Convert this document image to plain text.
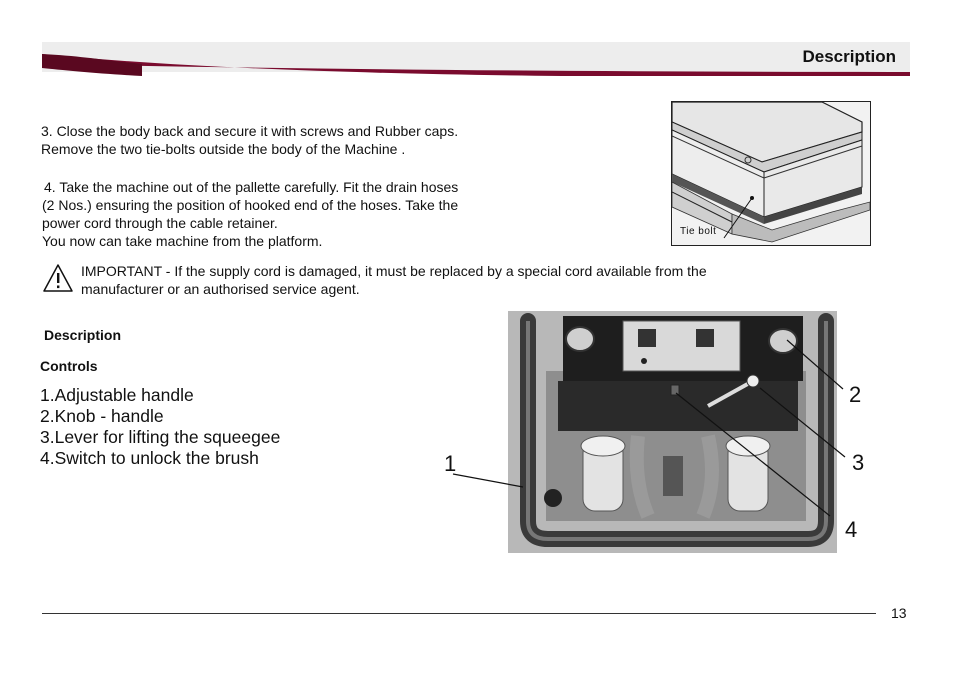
Description
3. Close the body back and secure it with screws and Rubber caps.
Remove the two tie-bolts outside the body of the Machine .
4. Take the machine out of the pallette carefully. Fit the drain hoses
(2 Nos.) ensuring the position of hooked end of the hoses. Take the
power cord through the cable retainer.
You now can take machine from the platform.
Tie bolt
IMPORTANT - If the supply cord is damaged, it must be replaced by a special cord available from the
manufacturer or an authorised service agent.
Description
Controls
1.Adjustable handle
2.Knob - handle
3.Lever for lifting the squeegee
4.Switch to unlock the brush	1
2
3
4
13
